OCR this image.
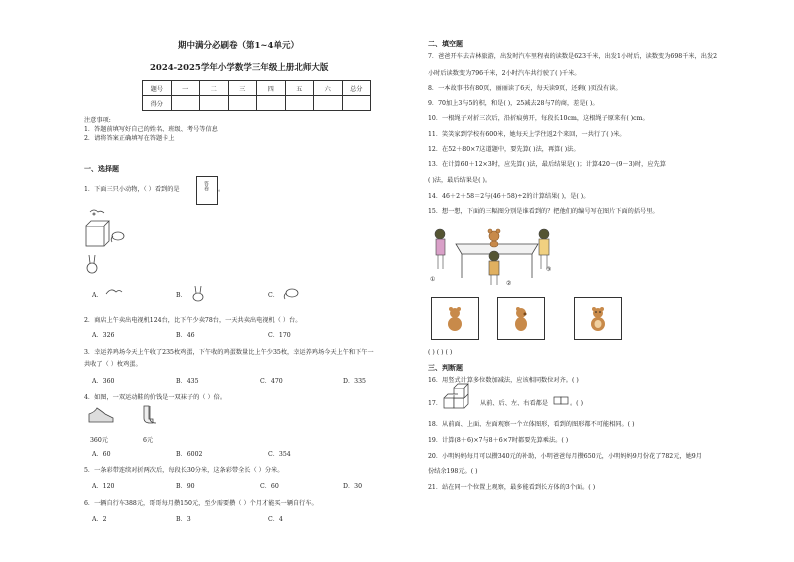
期中满分必刷卷（第1~4单元）
2024-2025学年小学数学三年级上册北师大版
题号	一	二	三	四	五	六	总分
得分							
注意事项:
1．答题前填写好自己的姓名、班级、考号等信息
2．请将答案正确填写在答题卡上
一、选择题
1．下面三只小动物，（ ）看到的是	答卷 。
A．	B．	C．
2．商店上午卖出电视机124台，比下午少卖78台，一天共卖出电视机（ ）台。
A．326	B．46	C．170
3．幸运养鸡场今天上午收了235枚鸡蛋，下午收的鸡蛋数量比上午少35枚，幸运养鸡场今天上午和下午一
共收了（ ）枚鸡蛋。
A．360	B．435	C．470	D．335
4．如图，一双运动鞋的价钱是一双袜子的（ ）倍。
360元	6元
A．60	B．6002	C．354
5．一条彩带连续对折两次后，每段长30分米，这条彩带全长（ ）分米。
A．120	B．90	C．60	D．30
6．一辆自行车388元，哥哥每月攒150元，至少需要攒（ ）个月才能买一辆自行车。
A．2	B．3	C．4
二、填空题
7．爸爸开车去吉林旅游，出发时汽车里程表的读数是623千米，出发1小时后，读数变为698千米，出发2
小时后读数变为796千米，2小时汽车共行驶了( )千米。
8．一本故事书有80页，丽丽读了6天，每天读9页，还剩( )页没有读。
9．70加上3与5的积，和是( )，25减去28与7的商，差是( )。
10．一根绳子对折三次后，沿折痕剪开，每段长10cm，这根绳子原来有( )cm。
11．笑笑家到学校有600米，她每天上学往返2个来回，一共行了( )米。
12．在52＋80×7这道题中，要先算( )法，再算( )法。
13．在计算60＋12×3时，应先算( )法，最后结果是( )；计算420－(9－3)时，应先算
( )法，最后结果是( )。
14．46＋2＋58＝2与(46＋58)÷2的计算结果( )，是( )。
15．想一想，下面的三幅图分别是谁看到的？把他们的编号写在图片下面的括号里。
①
②
③
( ) ( ) ( )
三、判断题
16．用竖式计算多位数加减法，应该相同数位对齐。( )
17．	从前、后、左、右看都是	。( )
18．从前面、上面、左面观察一个立体图形，看到的图形都不可能相同。( )
19．计算(8＋6)×7与8＋6×7时都要先算乘法。( )
20．小明妈妈每月可以攒340元的补助，小明爸爸每月攒650元，小明妈妈9月份花了782元，她9月
份结余198元。( )
21．站在同一个位置上观察，最多能看到长方体的3个面。( )
